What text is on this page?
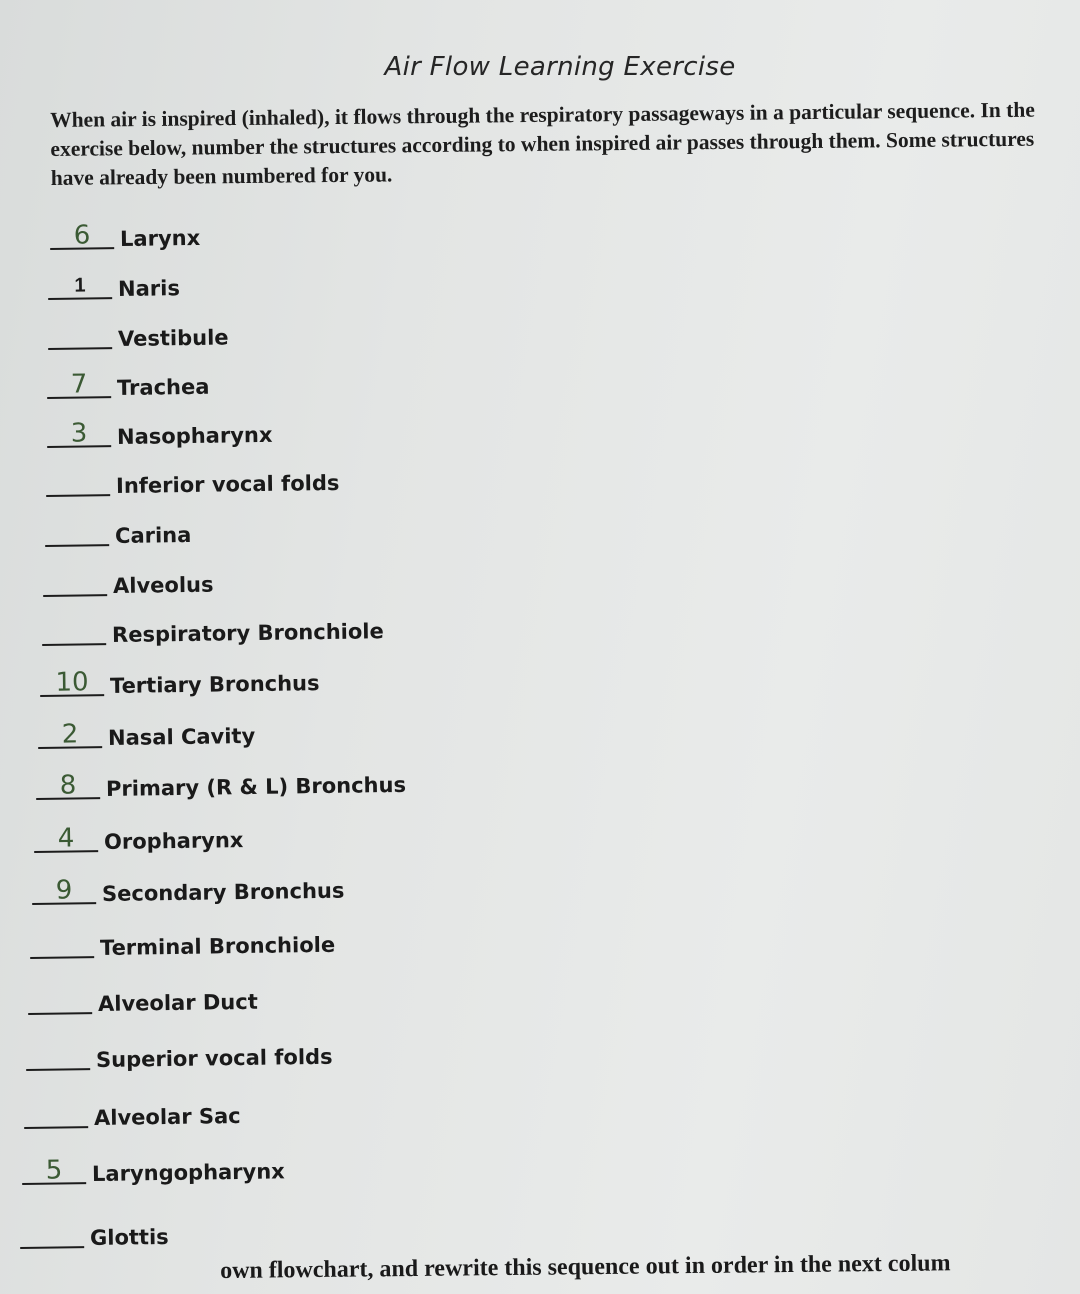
Air Flow Learning Exercise
When air is inspired (inhaled), it flows through the respiratory passageways in a particular sequence. In the exercise below, number the structures according to when inspired air passes through them. Some structures have already been numbered for you.
6	Larynx
1	Naris
Vestibule
7	Trachea
3	Nasopharynx
Inferior vocal folds
Carina
Alveolus
Respiratory Bronchiole
10	Tertiary Bronchus
2	Nasal Cavity
8	Primary (R & L) Bronchus
4	Oropharynx
9	Secondary Bronchus
Terminal Bronchiole
Alveolar Duct
Superior vocal folds
Alveolar Sac
5	Laryngopharynx
Glottis
own flowchart, and rewrite this sequence out in order in the next colum
